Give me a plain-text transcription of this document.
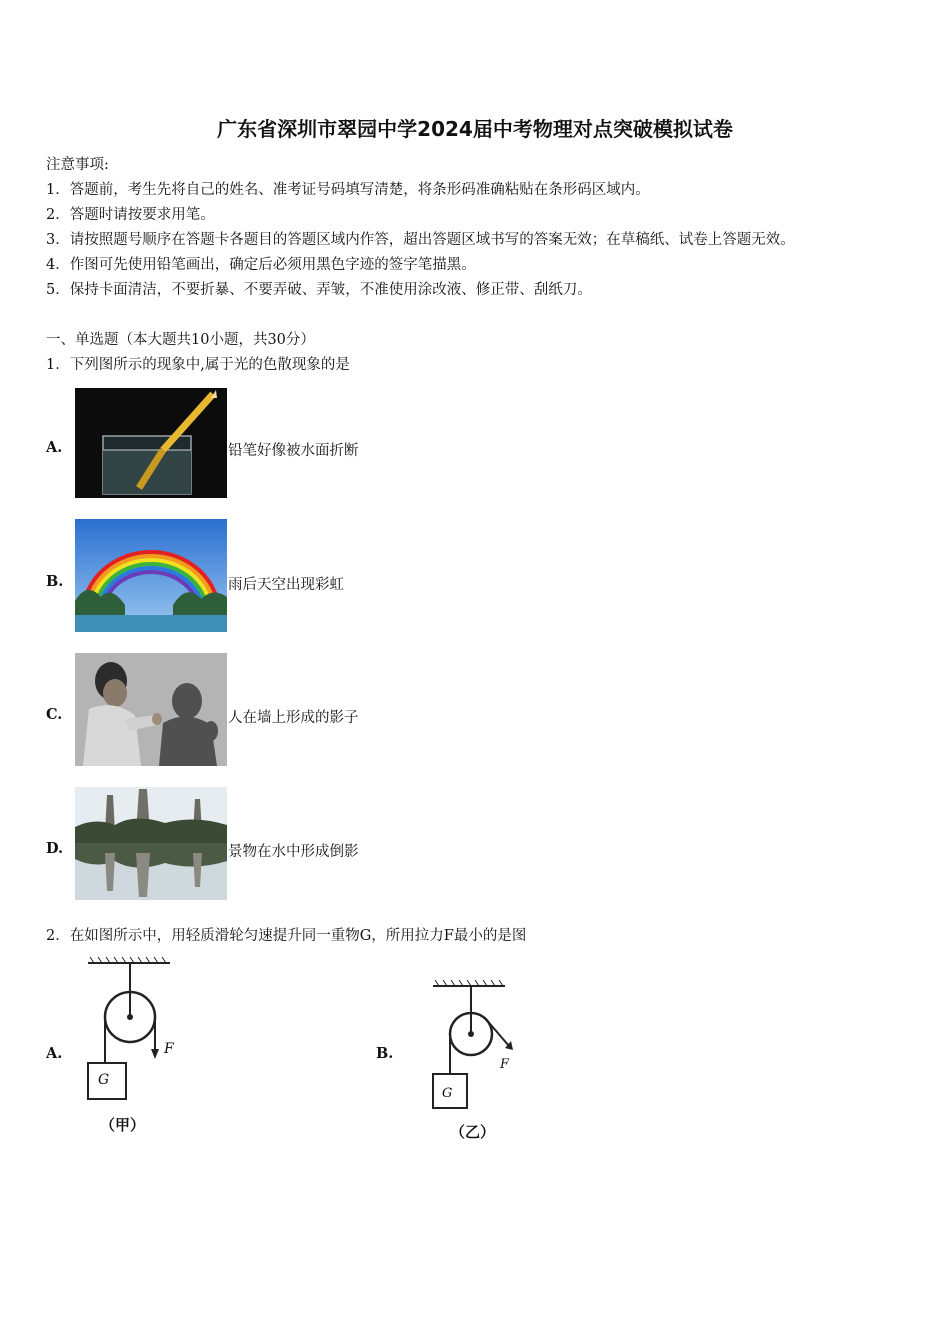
广东省深圳市翠园中学2024届中考物理对点突破模拟试卷
注意事项:
1．答题前，考生先将自己的姓名、准考证号码填写清楚，将条形码准确粘贴在条形码区域内。
2．答题时请按要求用笔。
3．请按照题号顺序在答题卡各题目的答题区域内作答，超出答题区域书写的答案无效；在草稿纸、试卷上答题无效。
4．作图可先使用铅笔画出，确定后必须用黑色字迹的签字笔描黑。
5．保持卡面清洁，不要折暴、不要弄破、弄皱，不准使用涂改液、修正带、刮纸刀。
一、单选题（本大题共10小题，共30分）
1．下列图所示的现象中,属于光的色散现象的是
A.	铅笔好像被水面折断
B.	雨后天空出现彩虹
C.	人在墙上形成的影子
D.	景物在水中形成倒影
2．在如图所示中，用轻质滑轮匀速提升同一重物G，所用拉力F最小的是图
A.	F
G
（甲）
B.
F
G
（乙）
